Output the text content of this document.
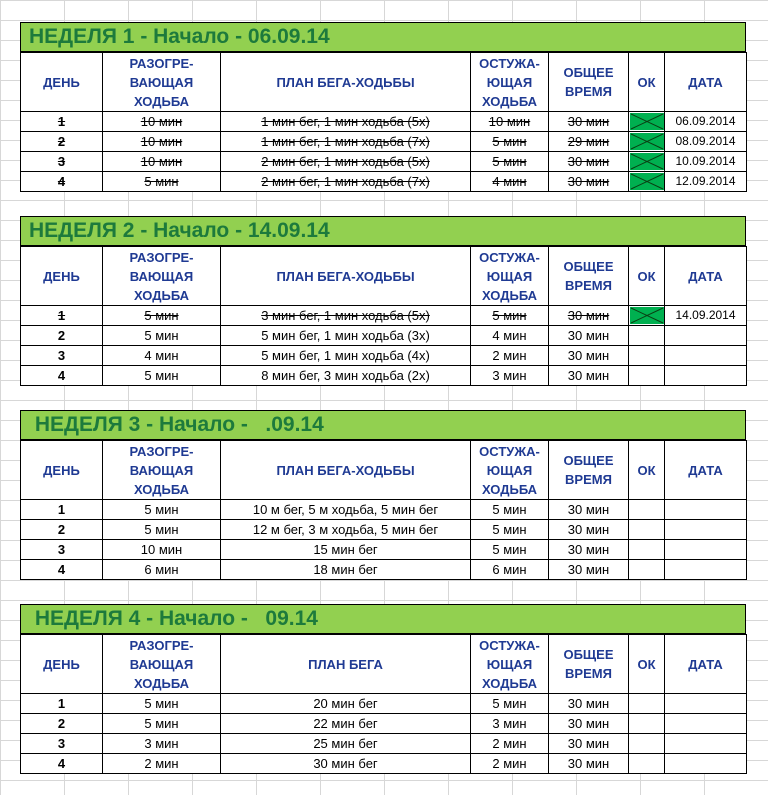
НЕДЕЛЯ 1 - Начало - 06.09.14
ДЕНЬ	РАЗОГРЕ-
ВАЮЩАЯ
ХОДЬБА	ПЛАН БЕГА-ХОДЬБЫ	ОСТУЖА-
ЮЩАЯ
ХОДЬБА	ОБЩЕЕ
ВРЕМЯ	ОК	ДАТА
1	10 мин	1 мин бег, 1 мин ходьба (5х)	10 мин	30 мин		06.09.2014
2	10 мин	1 мин бег, 1 мин ходьба (7х)	5 мин	29 мин		08.09.2014
3	10 мин	2 мин бег, 1 мин ходьба (5х)	5 мин	30 мин		10.09.2014
4	5 мин	2 мин бег, 1 мин ходьба (7х)	4 мин	30 мин		12.09.2014
НЕДЕЛЯ 2 - Начало - 14.09.14
ДЕНЬ	РАЗОГРЕ-
ВАЮЩАЯ
ХОДЬБА	ПЛАН БЕГА-ХОДЬБЫ	ОСТУЖА-
ЮЩАЯ
ХОДЬБА	ОБЩЕЕ
ВРЕМЯ	ОК	ДАТА
1	5 мин	3 мин бег, 1 мин ходьба (5х)	5 мин	30 мин		14.09.2014
2	5 мин	5 мин бег, 1 мин ходьба (3х)	4 мин	30 мин		
3	4 мин	5 мин бег, 1 мин ходьба (4х)	2 мин	30 мин		
4	5 мин	8 мин бег, 3 мин ходьба (2х)	3 мин	30 мин		
НЕДЕЛЯ 3 - Начало -   .09.14
ДЕНЬ	РАЗОГРЕ-
ВАЮЩАЯ
ХОДЬБА	ПЛАН БЕГА-ХОДЬБЫ	ОСТУЖА-
ЮЩАЯ
ХОДЬБА	ОБЩЕЕ
ВРЕМЯ	ОК	ДАТА
1	5 мин	10 м бег, 5 м ходьба, 5 мин бег	5 мин	30 мин		
2	5 мин	12 м бег, 3 м ходьба, 5 мин бег	5 мин	30 мин		
3	10 мин	15 мин бег	5 мин	30 мин		
4	6 мин	18 мин бег	6 мин	30 мин		
НЕДЕЛЯ 4 - Начало -   09.14
ДЕНЬ	РАЗОГРЕ-
ВАЮЩАЯ
ХОДЬБА	ПЛАН БЕГА	ОСТУЖА-
ЮЩАЯ
ХОДЬБА	ОБЩЕЕ
ВРЕМЯ	ОК	ДАТА
1	5 мин	20 мин бег	5 мин	30 мин		
2	5 мин	22 мин бег	3 мин	30 мин		
3	3 мин	25 мин бег	2 мин	30 мин		
4	2 мин	30 мин бег	2 мин	30 мин		
